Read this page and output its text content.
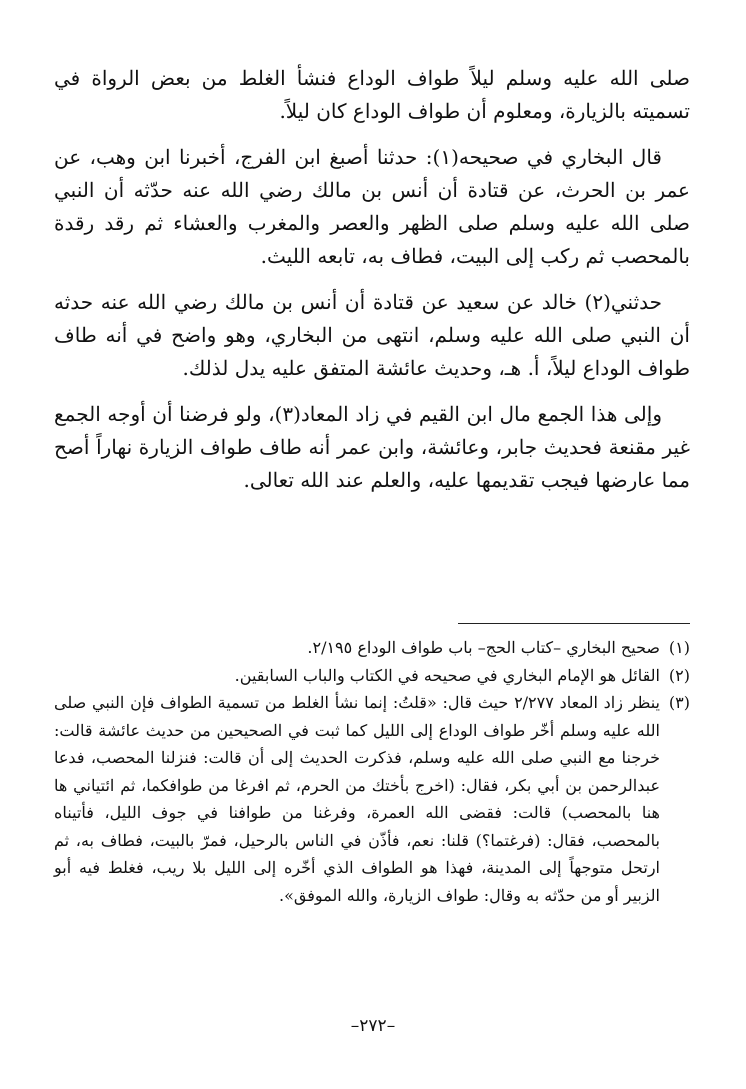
صلى الله عليه وسلم ليلاً طواف الوداع فنشأ الغلط من بعض الرواة في تسميته بالزيارة، ومعلوم أن طواف الوداع كان ليلاً.

قال البخاري في صحيحه(١): حدثنا أصبغ ابن الفرج، أخبرنا ابن وهب، عن عمر بن الحرث، عن قتادة أن أنس بن مالك رضي الله عنه حدّثه أن النبي صلى الله عليه وسلم صلى الظهر والعصر والمغرب والعشاء ثم رقد رقدة بالمحصب ثم ركب إلى البيت، فطاف به، تابعه الليث.

حدثني(٢) خالد عن سعيد عن قتادة أن أنس بن مالك رضي الله عنه حدثه أن النبي صلى الله عليه وسلم، انتهى من البخاري، وهو واضح في أنه طاف طواف الوداع ليلاً، أ. هـ، وحديث عائشة المتفق عليه يدل لذلك.

وإلى هذا الجمع مال ابن القيم في زاد المعاد(٣)، ولو فرضنا أن أوجه الجمع غير مقنعة فحديث جابر، وعائشة، وابن عمر أنه طاف طواف الزيارة نهاراً أصح مما عارضها فيجب تقديمها عليه، والعلم عند الله تعالى.

(١)صحيح البخاري –كتاب الحج– باب طواف الوداع ٢/١٩٥.

(٢)القائل هو الإمام البخاري في صحيحه في الكتاب والباب السابقين.

(٣)ينظر زاد المعاد ٢/٢٧٧ حيث قال: «قلتُ: إنما نشأ الغلط من تسمية الطواف فإن النبي صلى الله عليه وسلم أخّر طواف الوداع إلى الليل كما ثبت في الصحيحين من حديث عائشة قالت: خرجنا مع النبي صلى الله عليه وسلم، فذكرت الحديث إلى أن قالت: فنزلنا المحصب، فدعا عبدالرحمن بن أبي بكر، فقال: (اخرج بأختك من الحرم، ثم افرغا من طوافكما، ثم ائتياني ها هنا بالمحصب) قالت: فقضى الله العمرة، وفرغنا من طوافنا في جوف الليل، فأتيناه بالمحصب، فقال: (فرغتما؟) قلنا: نعم، فأذّن في الناس بالرحيل، فمرّ بالبيت، فطاف به، ثم ارتحل متوجهاً إلى المدينة، فهذا هو الطواف الذي أخّره إلى الليل بلا ريب، فغلط فيه أبو الزبير أو من حدّثه به وقال: طواف الزيارة، والله الموفق».

–٢٧٢–
